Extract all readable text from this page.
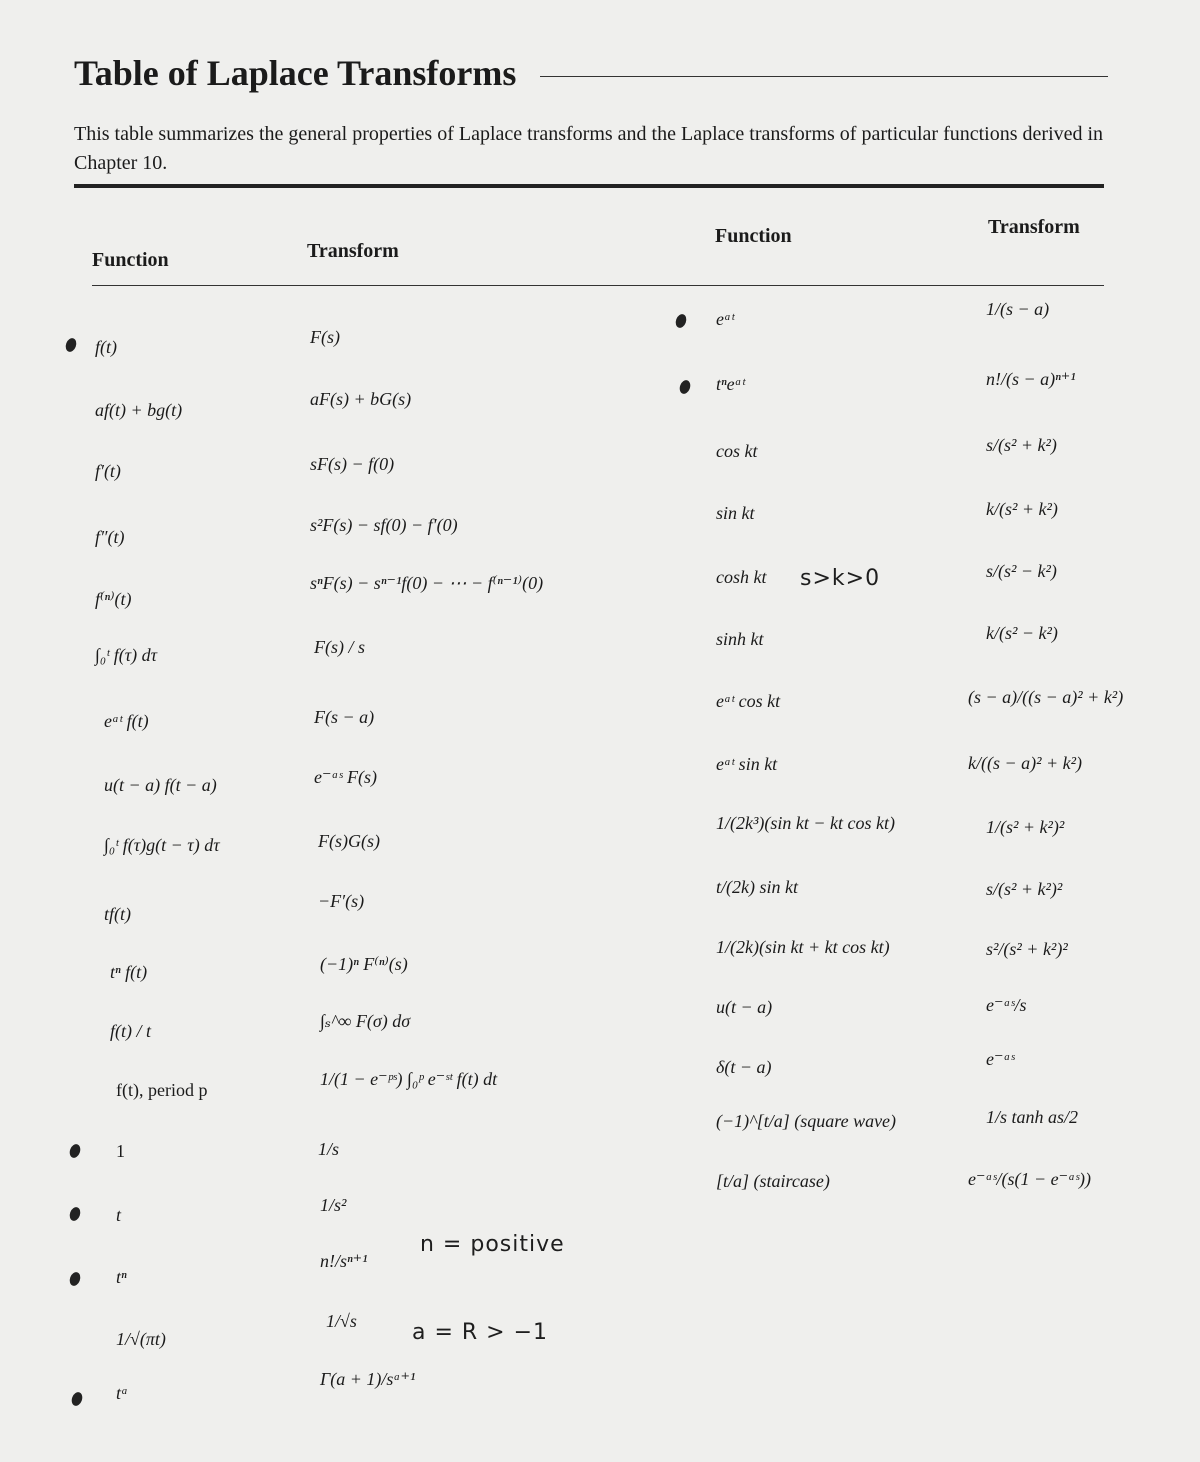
Table of Laplace Transforms
This table summarizes the general properties of Laplace transforms and the Laplace transforms of particular functions derived in Chapter 10.
Function	Transform
Function	Transform
f(t)
af(t) + bg(t)
f′(t)
f″(t)
f⁽ⁿ⁾(t)
∫₀ᵗ f(τ) dτ
eᵃᵗ f(t)
u(t − a) f(t − a)
∫₀ᵗ f(τ)g(t − τ) dτ
tf(t)
tⁿ f(t)
f(t) / t
f(t), period p
1
t
tⁿ
1/√(πt)
tᵃ
F(s)
aF(s) + bG(s)
sF(s) − f(0)
s²F(s) − sf(0) − f′(0)
sⁿF(s) − sⁿ⁻¹f(0) − ⋯ − f⁽ⁿ⁻¹⁾(0)
F(s) / s
F(s − a)
e⁻ᵃˢ F(s)
F(s)G(s)
−F′(s)
(−1)ⁿ F⁽ⁿ⁾(s)
∫ₛ^∞ F(σ) dσ
1/(1 − e⁻ᵖˢ) ∫₀ᵖ e⁻ˢᵗ f(t) dt
1/s
1/s²
n!/sⁿ⁺¹
1/√s
Γ(a + 1)/sᵃ⁺¹
eᵃᵗ
tⁿeᵃᵗ
cos kt
sin kt
cosh kt
sinh kt
eᵃᵗ cos kt
eᵃᵗ sin kt
1/(2k³)(sin kt − kt cos kt)
t/(2k) sin kt
1/(2k)(sin kt + kt cos kt)
u(t − a)
δ(t − a)
(−1)^[t/a] (square wave)
[t/a] (staircase)
1/(s − a)
n!/(s − a)ⁿ⁺¹
s/(s² + k²)
k/(s² + k²)
s/(s² − k²)
k/(s² − k²)
(s − a)/((s − a)² + k²)
k/((s − a)² + k²)
1/(s² + k²)²
s/(s² + k²)²
s²/(s² + k²)²
e⁻ᵃˢ/s
e⁻ᵃˢ
1/s tanh as/2
e⁻ᵃˢ/(s(1 − e⁻ᵃˢ))
s>k>0
n = positive
a = R > −1
